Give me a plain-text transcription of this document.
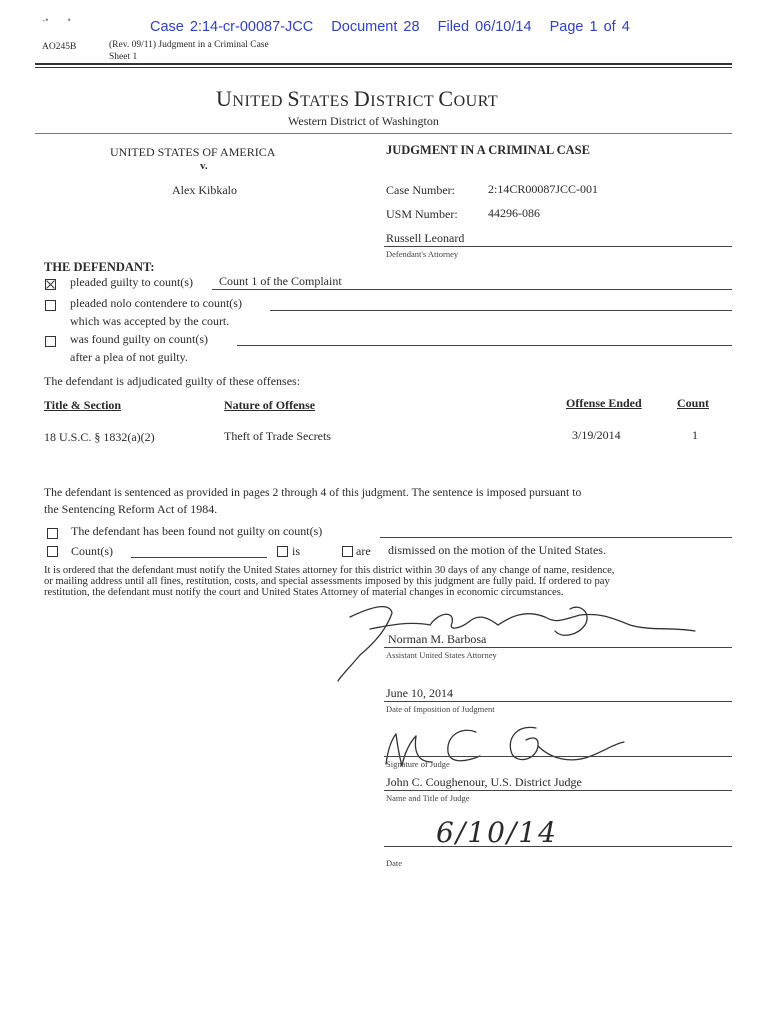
-•        •	Case 2:14-cr-00087-JCC Document 28 Filed 06/10/14 Page 1 of 4
AO245B	(Rev. 09/11) Judgment in a Criminal Case
Sheet 1
UNITED STATES DISTRICT COURT
Western District of Washington
UNITED STATES OF AMERICA
v.
Alex Kibkalo
JUDGMENT IN A CRIMINAL CASE
Case Number:	2:14CR00087JCC-001
USM Number:	44296-086
Russell Leonard
Defendant's Attorney
THE DEFENDANT:
pleaded guilty to count(s) Count 1 of the Complaint
pleaded nolo contendere to count(s)
which was accepted by the court.
was found guilty on count(s)
after a plea of not guilty.
The defendant is adjudicated guilty of these offenses:
Title & Section	Nature of Offense	Offense Ended	Count
18 U.S.C. § 1832(a)(2)	Theft of Trade Secrets	3/19/2014	1
The defendant is sentenced as provided in pages 2 through 4 of this judgment. The sentence is imposed pursuant to
the Sentencing Reform Act of 1984.
The defendant has been found not guilty on count(s)
Count(s)	is	are dismissed on the motion of the United States.
It is ordered that the defendant must notify the United States attorney for this district within 30 days of any change of name, residence,
or mailing address until all fines, restitution, costs, and special assessments imposed by this judgment are fully paid. If ordered to pay
restitution, the defendant must notify the court and United States Attorney of material changes in economic circumstances.
Norman M. Barbosa
Assistant United States Attorney
June 10, 2014
Date of Imposition of Judgment
Signature of Judge
John C. Coughenour, U.S. District Judge
Name and Title of Judge
6/10/14
Date
